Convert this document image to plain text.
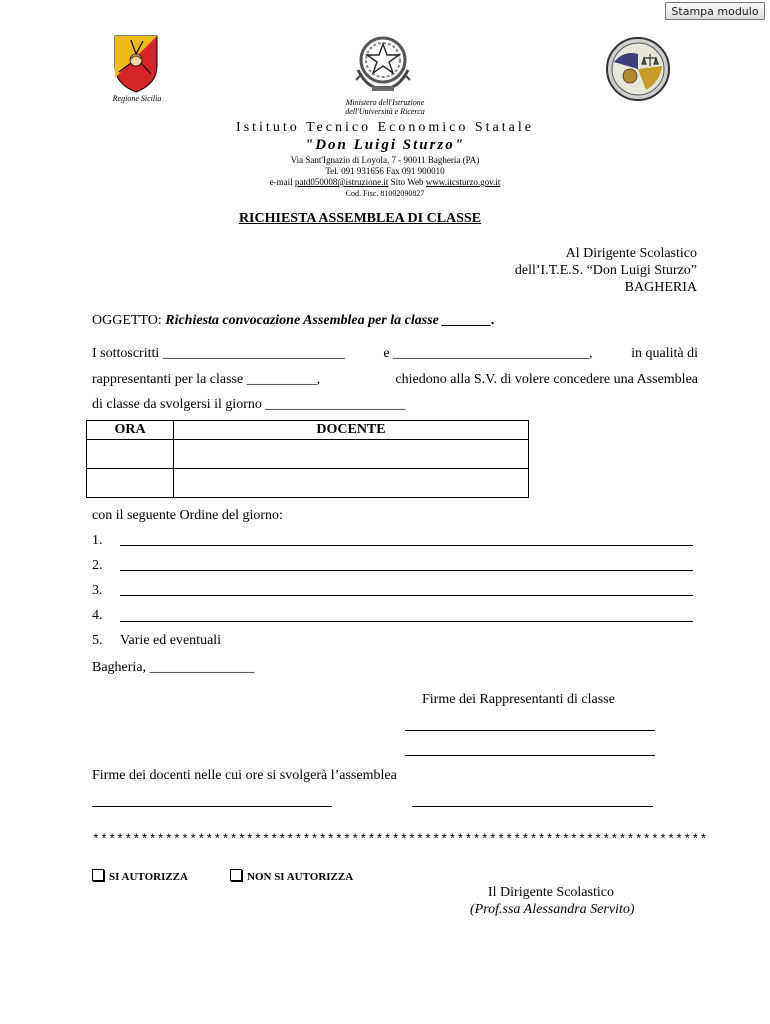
Stampa modulo
Regione Sicilia	Ministero dell'Istruzione
dell'Università e Ricerca
Istituto Tecnico Economico Statale
"Don Luigi Sturzo"
Via Sant'Ignazio di Loyola, 7 - 90011 Bagheria (PA)
Tel. 091 931656 Fax 091 900010
e-mail patd050008@istruzione.it Sito Web www.itcsturzo.gov.it
Cod. Fisc. 81002090827
RICHIESTA ASSEMBLEA DI CLASSE
Al Dirigente Scolastico
dell’I.T.E.S. “Don Luigi Sturzo”
BAGHERIA
OGGETTO: Richiesta convocazione Assemblea per la classe _______.
I sottoscritti __________________________	e ____________________________,	in qualità di
rappresentanti per la classe __________,	chiedono alla S.V. di volere concedere una Assemblea
di classe da svolgersi il giorno ____________________
ORA	DOCENTE

con il seguente Ordine del giorno:
1.
2.
3.
4.
5. Varie ed eventuali
Bagheria, _______________
Firme dei Rappresentanti di classe
Firme dei docenti nelle cui ore si svolgerà l’assemblea
****************************************************************************
SI AUTORIZZA	NON SI AUTORIZZA
Il Dirigente Scolastico
(Prof.ssa Alessandra Servito)
